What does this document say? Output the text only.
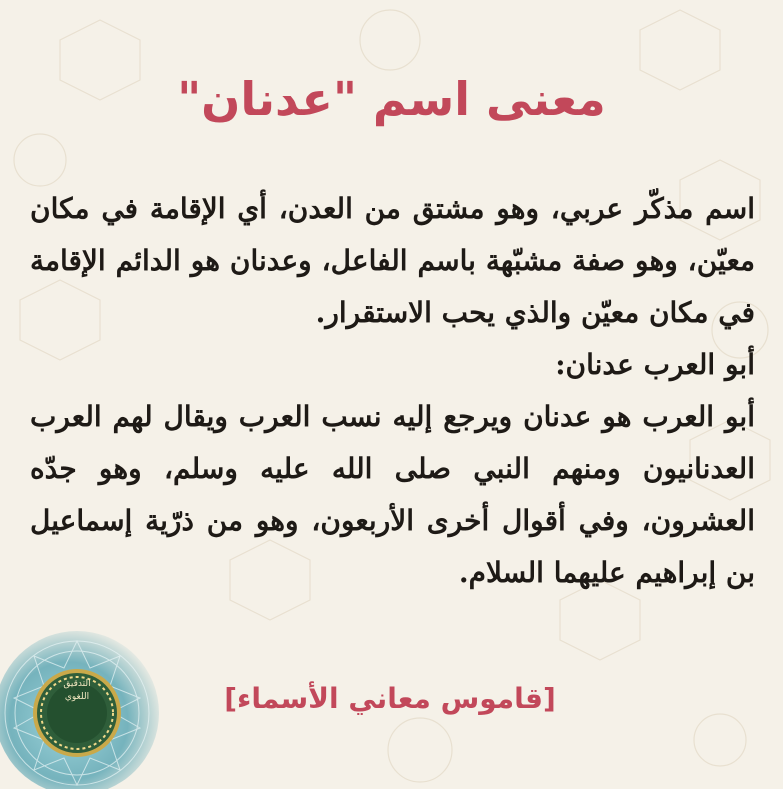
معنى اسم "عدنان"

اسم مذكّر عربي، وهو مشتق من العدن، أي الإقامة في مكان معيّن، وهو صفة مشبّهة باسم الفاعل، وعدنان هو الدائم الإقامة في مكان معيّن والذي يحب الاستقرار.

أبو العرب عدنان:

أبو العرب هو عدنان ويرجع إليه نسب العرب ويقال لهم العرب العدنانيون ومنهم النبي صلى الله عليه وسلم، وهو جدّه العشرون، وفي أقوال أخرى الأربعون، وهو من ذرّية إسماعيل بن إبراهيم عليهما السلام.

[قاموس معاني الأسماء]
التدقيق
اللغوي
